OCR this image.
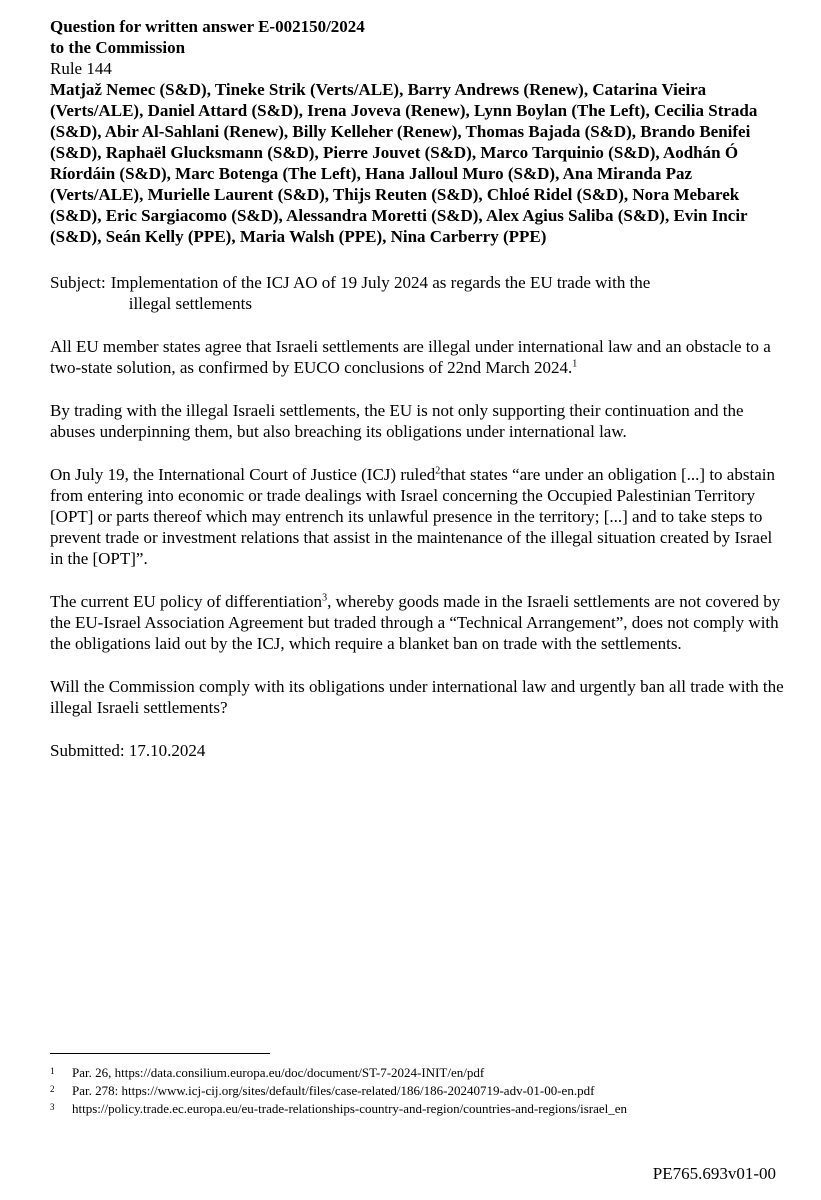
Question for written answer E-002150/2024
to the Commission
Rule 144

Matjaž Nemec (S&D), Tineke Strik (Verts/ALE), Barry Andrews (Renew), Catarina Vieira (Verts/ALE), Daniel Attard (S&D), Irena Joveva (Renew), Lynn Boylan (The Left), Cecilia Strada (S&D), Abir Al-Sahlani (Renew), Billy Kelleher (Renew), Thomas Bajada (S&D), Brando Benifei (S&D), Raphaël Glucksmann (S&D), Pierre Jouvet (S&D), Marco Tarquinio (S&D), Aodhán Ó Ríordáin (S&D), Marc Botenga (The Left), Hana Jalloul Muro (S&D), Ana Miranda Paz (Verts/ALE), Murielle Laurent (S&D), Thijs Reuten (S&D), Chloé Ridel (S&D), Nora Mebarek (S&D), Eric Sargiacomo (S&D), Alessandra Moretti (S&D), Alex Agius Saliba (S&D), Evin Incir (S&D), Seán Kelly (PPE), Maria Walsh (PPE), Nina Carberry (PPE)

Subject: Implementation of the ICJ AO of 19 July 2024 as regards the EU trade with the
illegal settlements

All EU member states agree that Israeli settlements are illegal under international law and an obstacle to a two-state solution, as confirmed by EUCO conclusions of 22nd March 2024.$^1$

By trading with the illegal Israeli settlements, the EU is not only supporting their continuation and the abuses underpinning them, but also breaching its obligations under international law.

On July 19, the International Court of Justice (ICJ) ruled$^2$that states “are under an obligation [...] to abstain from entering into economic or trade dealings with Israel concerning the Occupied Palestinian Territory [OPT] or parts thereof which may entrench its unlawful presence in the territory; [...] and to take steps to prevent trade or investment relations that assist in the maintenance of the illegal situation created by Israel in the [OPT]”.

The current EU policy of differentiation$^3$, whereby goods made in the Israeli settlements are not covered by the EU-Israel Association Agreement but traded through a “Technical Arrangement”, does not comply with the obligations laid out by the ICJ, which require a blanket ban on trade with the settlements.

Will the Commission comply with its obligations under international law and urgently ban all trade with the illegal Israeli settlements?

Submitted: 17.10.2024

1	Par. 26, https://data.consilium.europa.eu/doc/document/ST-7-2024-INIT/en/pdf
2	Par. 278: https://www.icj-cij.org/sites/default/files/case-related/186/186-20240719-adv-01-00-en.pdf
3	https://policy.trade.ec.europa.eu/eu-trade-relationships-country-and-region/countries-and-regions/israel_en
PE765.693v01-00
